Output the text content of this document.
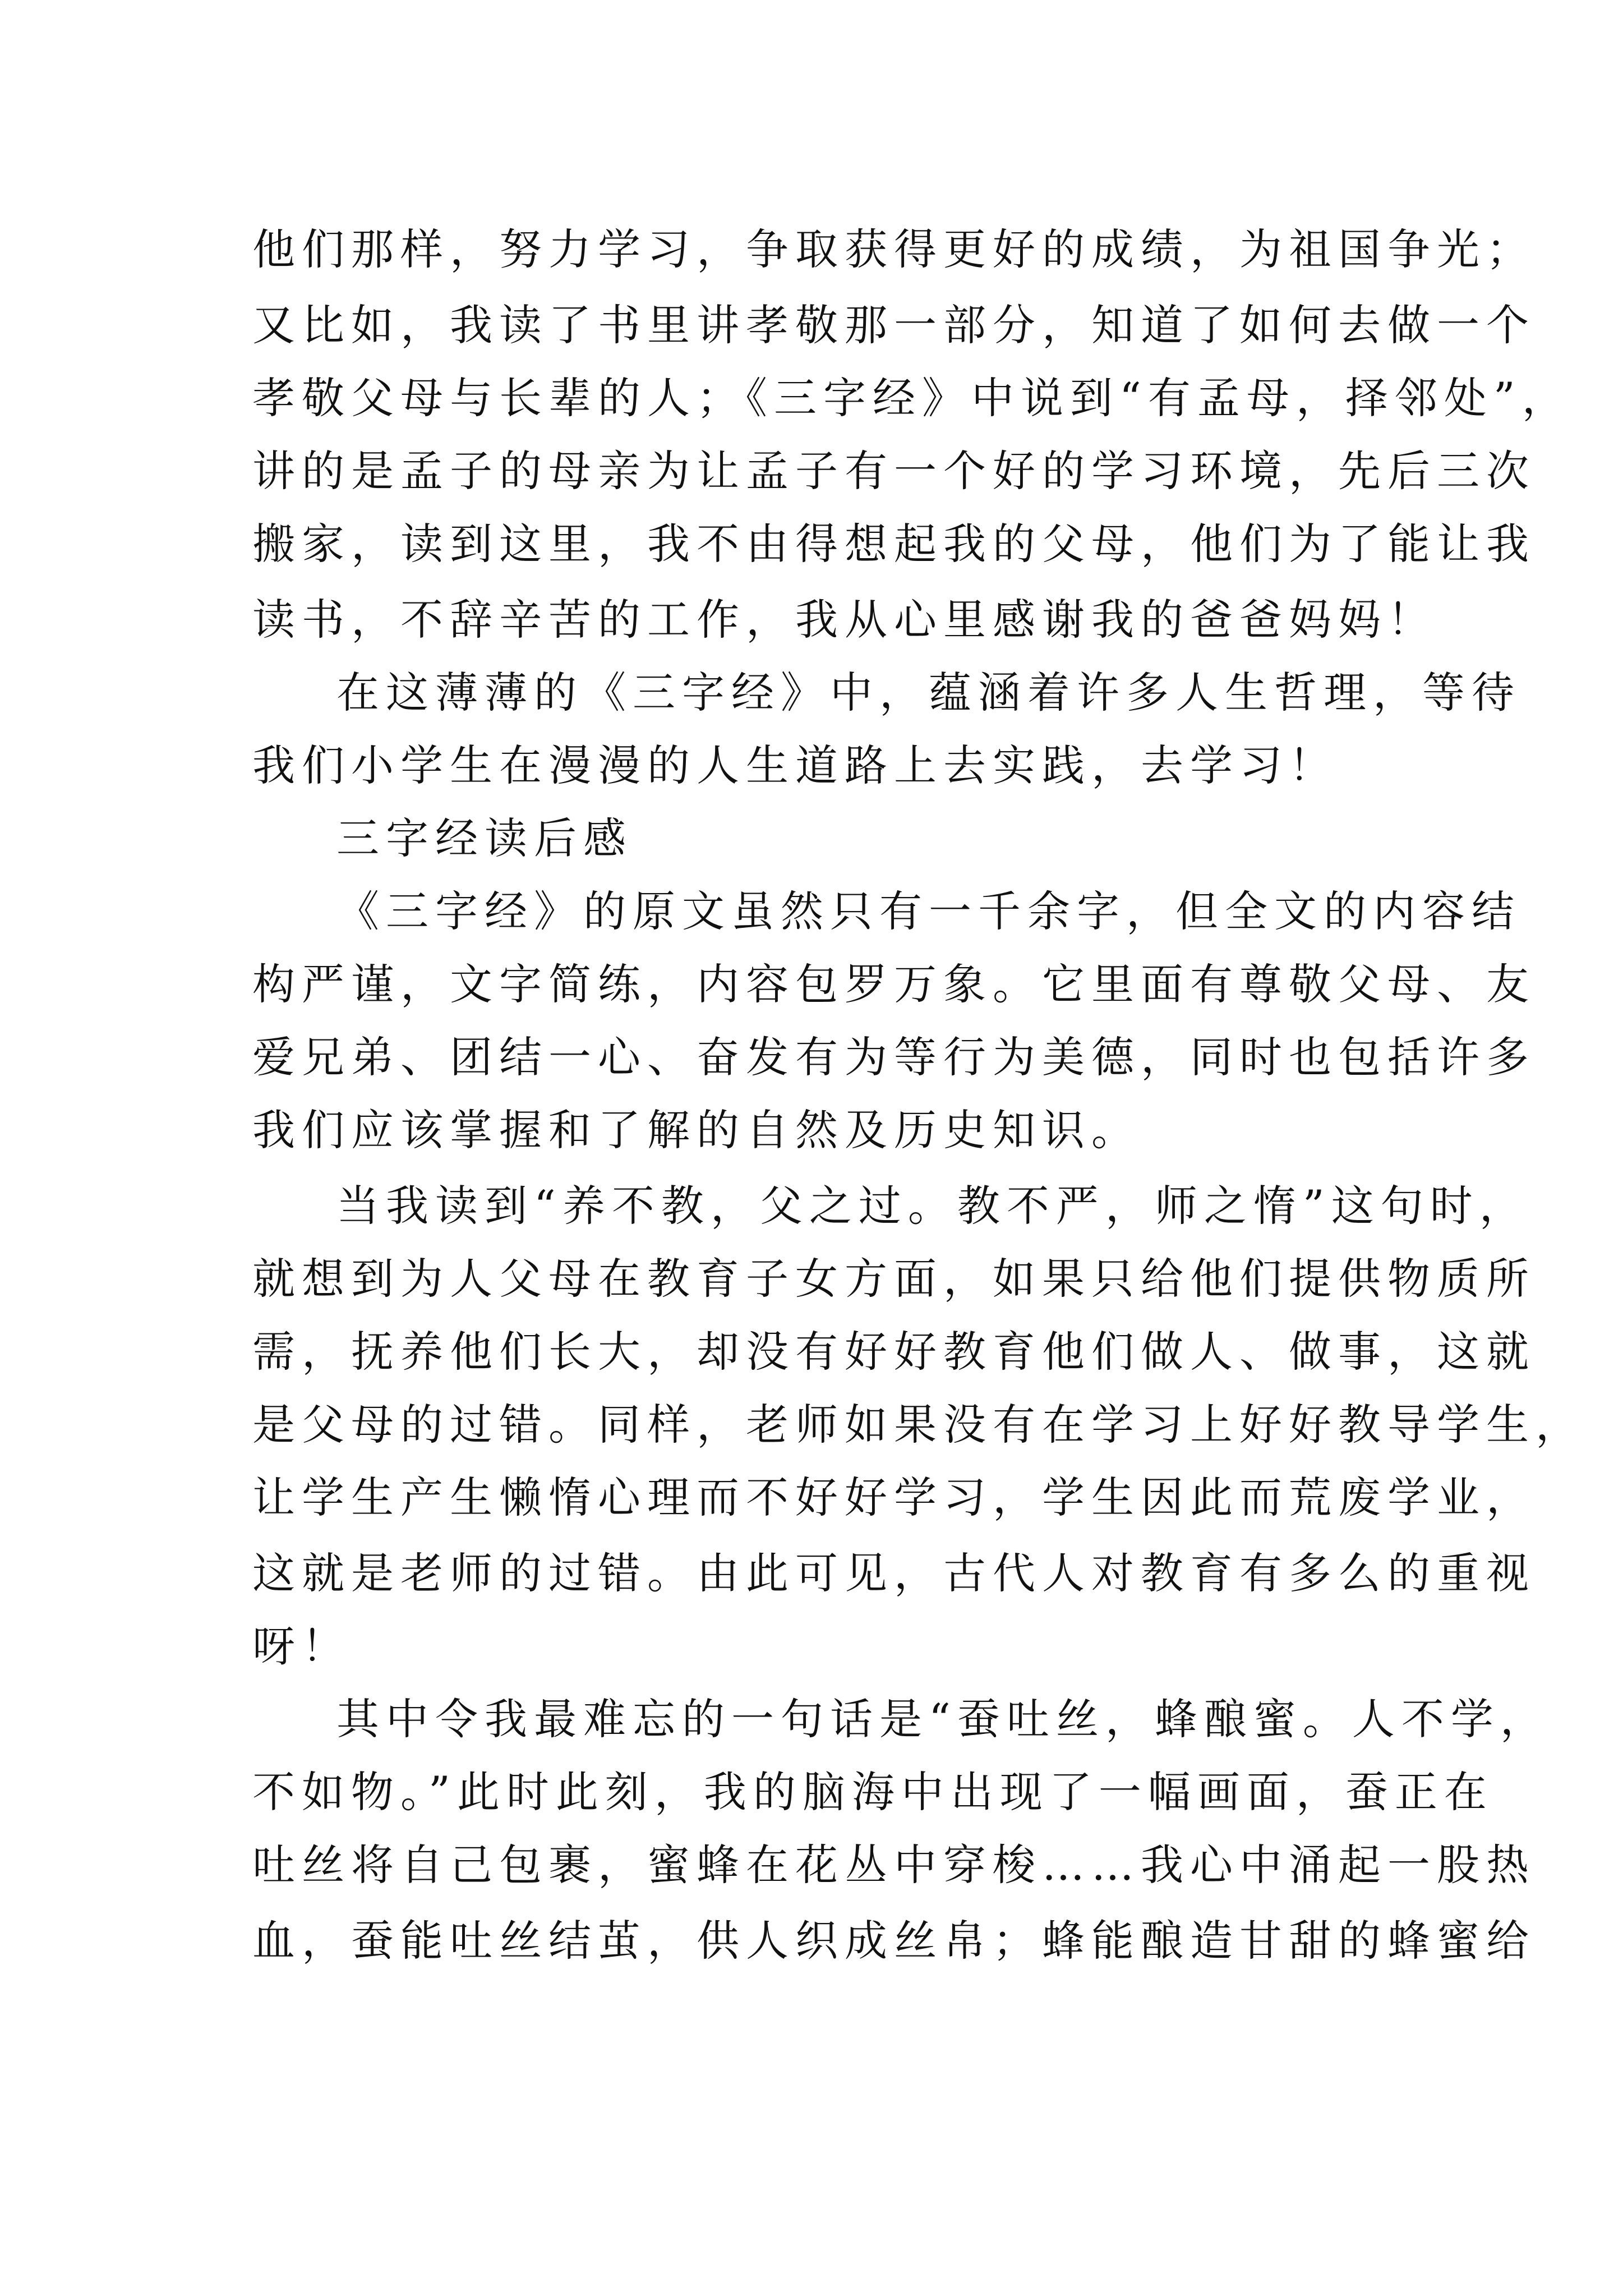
他们那样，努力学习，争取获得更好的成绩，为祖国争光；
又比如，我读了书里讲孝敬那一部分，知道了如何去做一个
孝敬父母与长辈的人；《三字经》中说到“有孟母，择邻处”，
讲的是孟子的母亲为让孟子有一个好的学习环境，先后三次
搬家，读到这里，我不由得想起我的父母，他们为了能让我
读书，不辞辛苦的工作，我从心里感谢我的爸爸妈妈！
在这薄薄的《三字经》中，蕴涵着许多人生哲理，等待
我们小学生在漫漫的人生道路上去实践，去学习！
三字经读后感
《三字经》的原文虽然只有一千余字，但全文的内容结
构严谨，文字简练，内容包罗万象。它里面有尊敬父母、友
爱兄弟、团结一心、奋发有为等行为美德，同时也包括许多
我们应该掌握和了解的自然及历史知识。
当我读到“养不教，父之过。教不严，师之惰”这句时，
就想到为人父母在教育子女方面，如果只给他们提供物质所
需，抚养他们长大，却没有好好教育他们做人、做事，这就
是父母的过错。同样，老师如果没有在学习上好好教导学生，
让学生产生懒惰心理而不好好学习，学生因此而荒废学业，
这就是老师的过错。由此可见，古代人对教育有多么的重视
呀！
其中令我最难忘的一句话是“蚕吐丝，蜂酿蜜。人不学，
不如物。”此时此刻，我的脑海中出现了一幅画面，蚕正在
吐丝将自己包裹，蜜蜂在花丛中穿梭……我心中涌起一股热
血，蚕能吐丝结茧，供人织成丝帛；蜂能酿造甘甜的蜂蜜给
